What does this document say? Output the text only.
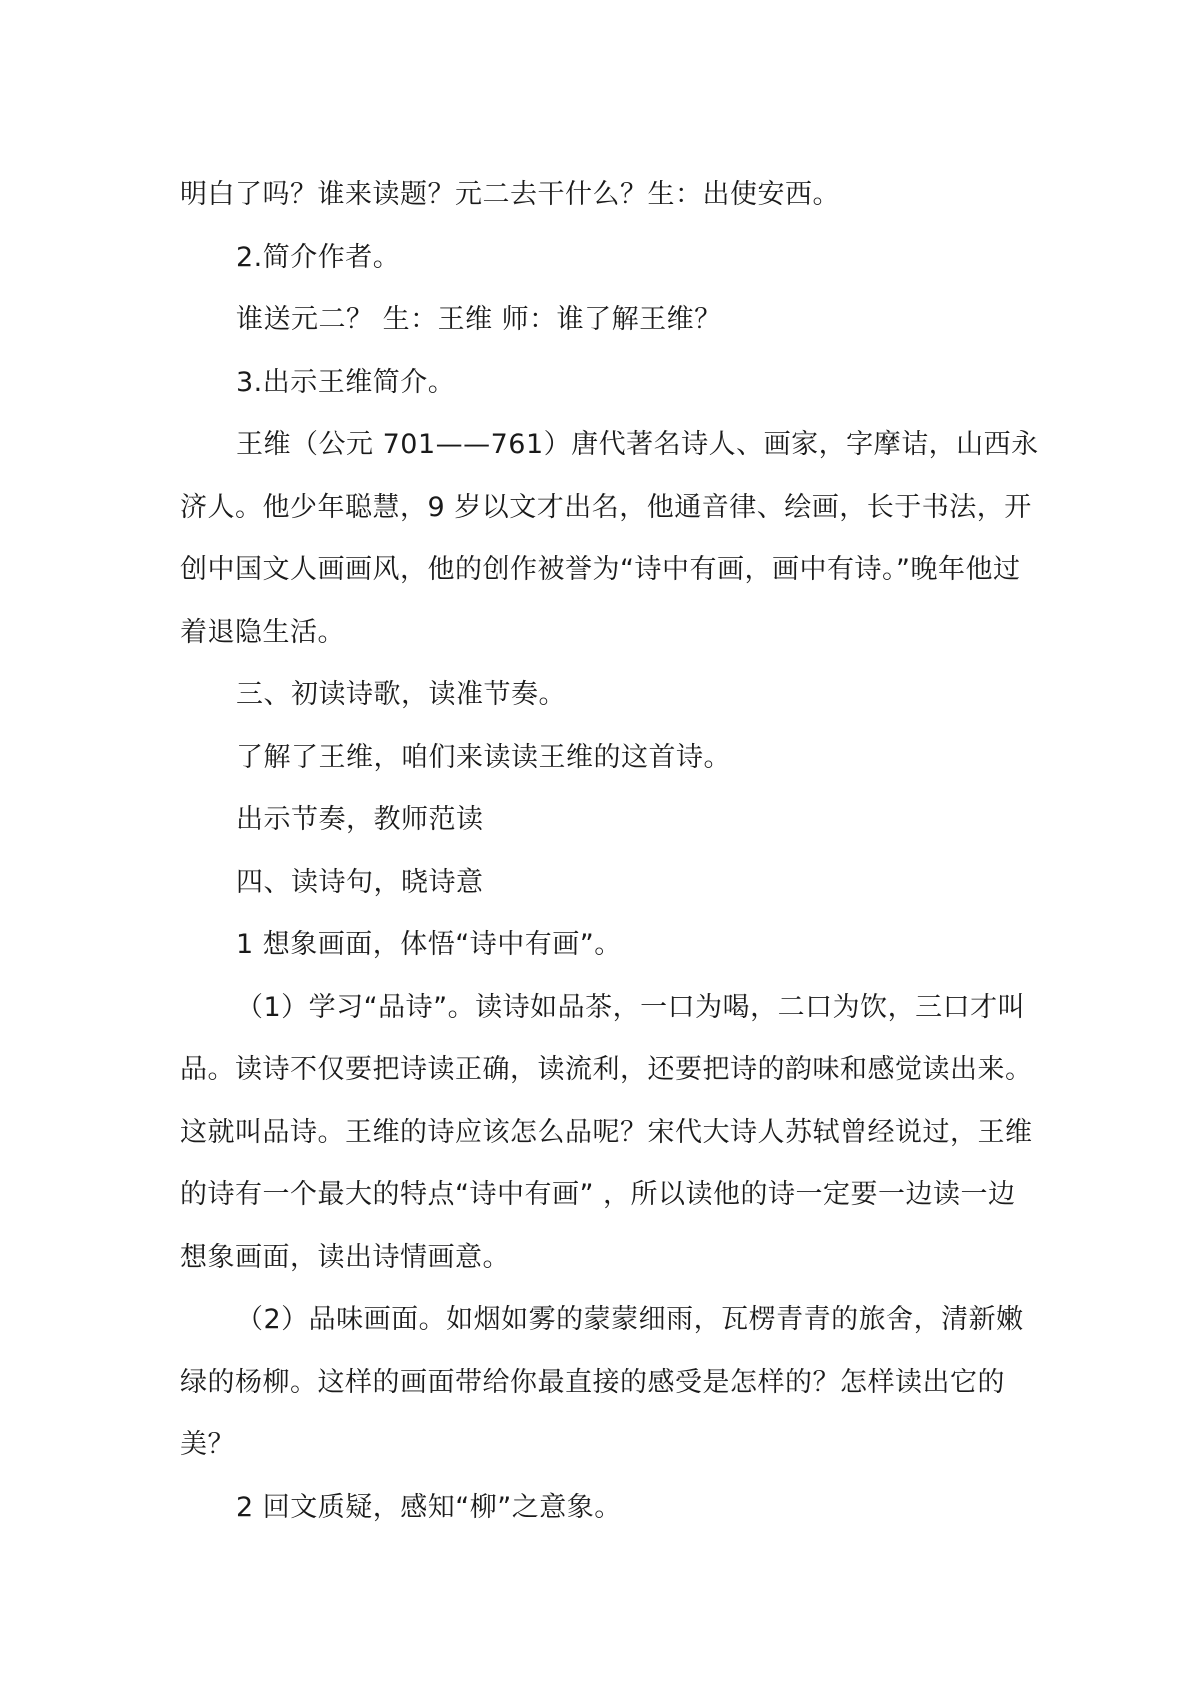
明白了吗？谁来读题？元二去干什么？生：出使安西。

2.简介作者。

谁送元二？ 生：王维 师：谁了解王维？

3.出示王维简介。

王维（公元 701——761）唐代著名诗人、画家，字摩诘，山西永济人。他少年聪慧，9 岁以文才出名，他通音律、绘画，长于书法，开创中国文人画画风，他的创作被誉为“诗中有画，画中有诗。”晚年他过着退隐生活。

三、初读诗歌，读准节奏。

了解了王维，咱们来读读王维的这首诗。

出示节奏，教师范读

四、读诗句，晓诗意

1 想象画面，体悟“诗中有画”。

（1）学习“品诗”。读诗如品茶，一口为喝，二口为饮，三口才叫品。读诗不仅要把诗读正确，读流利，还要把诗的韵味和感觉读出来。这就叫品诗。王维的诗应该怎么品呢？宋代大诗人苏轼曾经说过，王维的诗有一个最大的特点“诗中有画” ，所以读他的诗一定要一边读一边想象画面，读出诗情画意。

（2）品味画面。如烟如雾的蒙蒙细雨，瓦楞青青的旅舍，清新嫩绿的杨柳。这样的画面带给你最直接的感受是怎样的？怎样读出它的美？

2 回文质疑，感知“柳”之意象。
